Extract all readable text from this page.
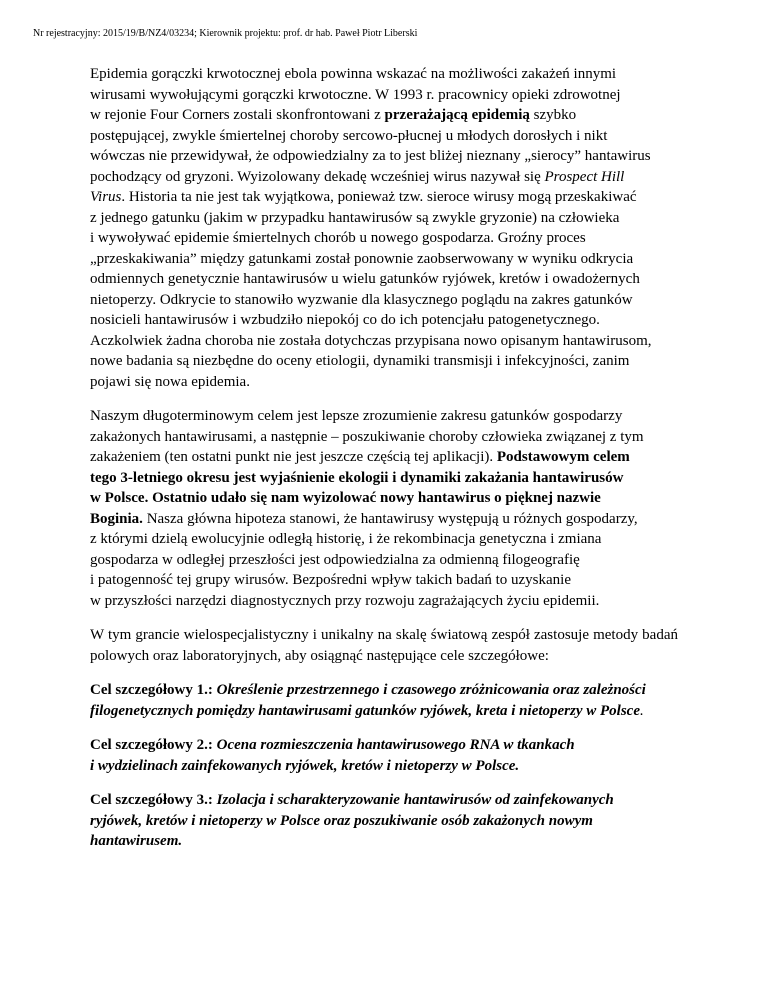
Nr rejestracyjny: 2015/19/B/NZ4/03234; Kierownik projektu: prof. dr hab. Paweł Piotr Liberski

Epidemia gorączki krwotocznej ebola powinna wskazać na możliwości zakażeń innymi
wirusami wywołującymi gorączki krwotoczne. W 1993 r. pracownicy opieki zdrowotnej
w rejonie Four Corners zostali skonfrontowani z przerażającą epidemią szybko
postępującej, zwykle śmiertelnej choroby sercowo-płucnej u młodych dorosłych i nikt
wówczas nie przewidywał, że odpowiedzialny za to jest bliżej nieznany „sierocy” hantawirus
pochodzący od gryzoni. Wyizolowany dekadę wcześniej wirus nazywał się Prospect Hill
Virus. Historia ta nie jest tak wyjątkowa, ponieważ tzw. sieroce wirusy mogą przeskakiwać
z jednego gatunku (jakim w przypadku hantawirusów są zwykle gryzonie) na człowieka
i wywoływać epidemie śmiertelnych chorób u nowego gospodarza. Groźny proces
„przeskakiwania” między gatunkami został ponownie zaobserwowany w wyniku odkrycia
odmiennych genetycznie hantawirusów u wielu gatunków ryjówek, kretów i owadożernych
nietoperzy. Odkrycie to stanowiło wyzwanie dla klasycznego poglądu na zakres gatunków
nosicieli hantawirusów i wzbudziło niepokój co do ich potencjału patogenetycznego.
Aczkolwiek żadna choroba nie została dotychczas przypisana nowo opisanym hantawirusom,
nowe badania są niezbędne do oceny etiologii, dynamiki transmisji i infekcyjności, zanim
pojawi się nowa epidemia.

Naszym długoterminowym celem jest lepsze zrozumienie zakresu gatunków gospodarzy
zakażonych hantawirusami, a następnie – poszukiwanie choroby człowieka związanej z tym
zakażeniem (ten ostatni punkt nie jest jeszcze częścią tej aplikacji). Podstawowym celem
tego 3-letniego okresu jest wyjaśnienie ekologii i dynamiki zakażania hantawirusów
w Polsce. Ostatnio udało się nam wyizolować nowy hantawirus o pięknej nazwie
Boginia. Nasza główna hipoteza stanowi, że hantawirusy występują u różnych gospodarzy,
z którymi dzielą ewolucyjnie odległą historię, i że rekombinacja genetyczna i zmiana
gospodarza w odległej przeszłości jest odpowiedzialna za odmienną filogeografię
i patogenność tej grupy wirusów. Bezpośredni wpływ takich badań to uzyskanie
w przyszłości narzędzi diagnostycznych przy rozwoju zagrażających życiu epidemii.

W tym grancie wielospecjalistyczny i unikalny na skalę światową zespół zastosuje metody badań polowych oraz laboratoryjnych, aby osiągnąć następujące cele szczegółowe:

Cel szczegółowy 1.: Określenie przestrzennego i czasowego zróżnicowania oraz zależności
filogenetycznych pomiędzy hantawirusami gatunków ryjówek, kreta i nietoperzy w Polsce.

Cel szczegółowy 2.: Ocena rozmieszczenia hantawirusowego RNA w tkankach
i wydzielinach zainfekowanych ryjówek, kretów i nietoperzy w Polsce.

Cel szczegółowy 3.: Izolacja i scharakteryzowanie hantawirusów od zainfekowanych
ryjówek, kretów i nietoperzy w Polsce oraz poszukiwanie osób zakażonych nowym
hantawirusem.
